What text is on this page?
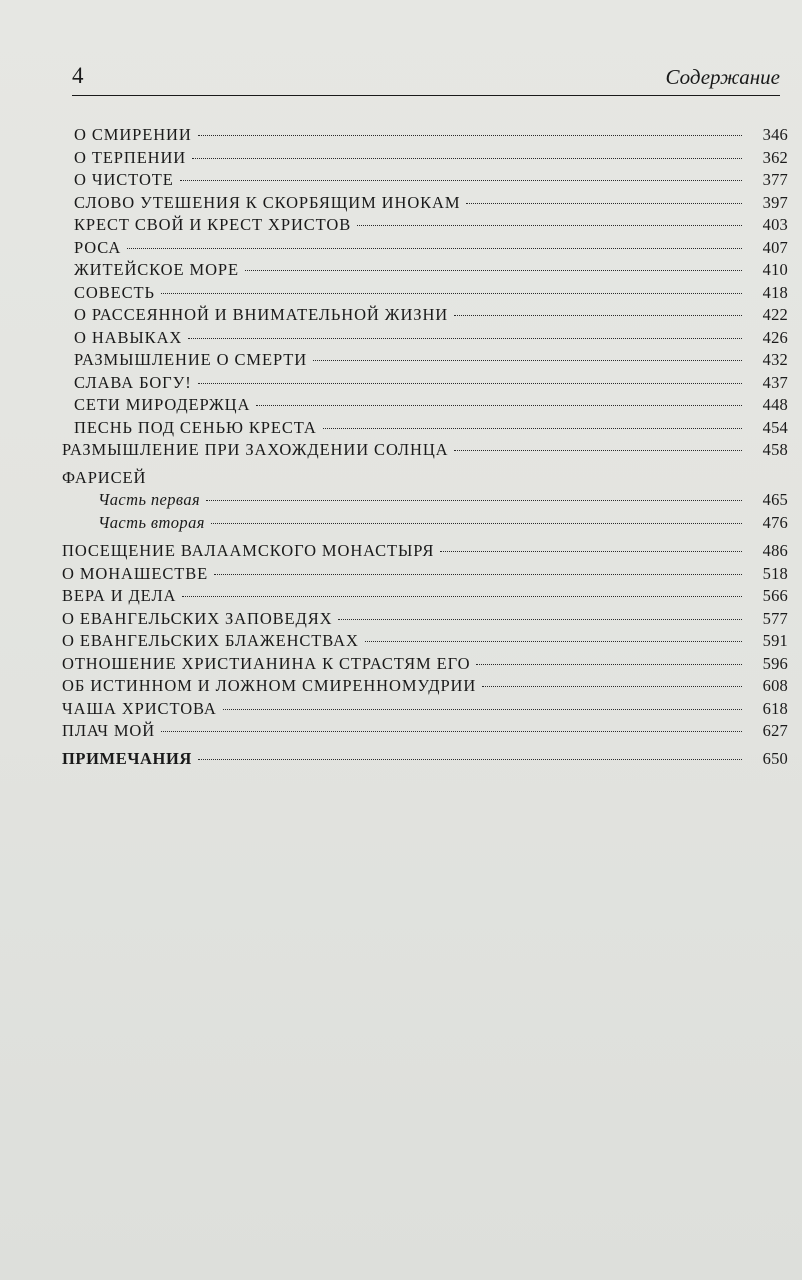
4	Содержание
О СМИРЕНИИ	346
О ТЕРПЕНИИ	362
О ЧИСТОТЕ	377
СЛОВО УТЕШЕНИЯ К СКОРБЯЩИМ ИНОКАМ	397
КРЕСТ СВОЙ И КРЕСТ ХРИСТОВ	403
РОСА	407
ЖИТЕЙСКОЕ МОРЕ	410
СОВЕСТЬ	418
О РАССЕЯННОЙ И ВНИМАТЕЛЬНОЙ ЖИЗНИ	422
О НАВЫКАХ	426
РАЗМЫШЛЕНИЕ О СМЕРТИ	432
СЛАВА БОГУ!	437
СЕТИ МИРОДЕРЖЦА	448
ПЕСНЬ ПОД СЕНЬЮ КРЕСТА	454
РАЗМЫШЛЕНИЕ ПРИ ЗАХОЖДЕНИИ СОЛНЦА	458
ФАРИСЕЙ
Часть первая	465
Часть вторая	476
ПОСЕЩЕНИЕ ВАЛААМСКОГО МОНАСТЫРЯ	486
О МОНАШЕСТВЕ	518
ВЕРА И ДЕЛА	566
О ЕВАНГЕЛЬСКИХ ЗАПОВЕДЯХ	577
О ЕВАНГЕЛЬСКИХ БЛАЖЕНСТВАХ	591
ОТНОШЕНИЕ ХРИСТИАНИНА К СТРАСТЯМ ЕГО	596
ОБ ИСТИННОМ И ЛОЖНОМ СМИРЕННОМУДРИИ	608
ЧАША ХРИСТОВА	618
ПЛАЧ МОЙ	627
ПРИМЕЧАНИЯ	650
